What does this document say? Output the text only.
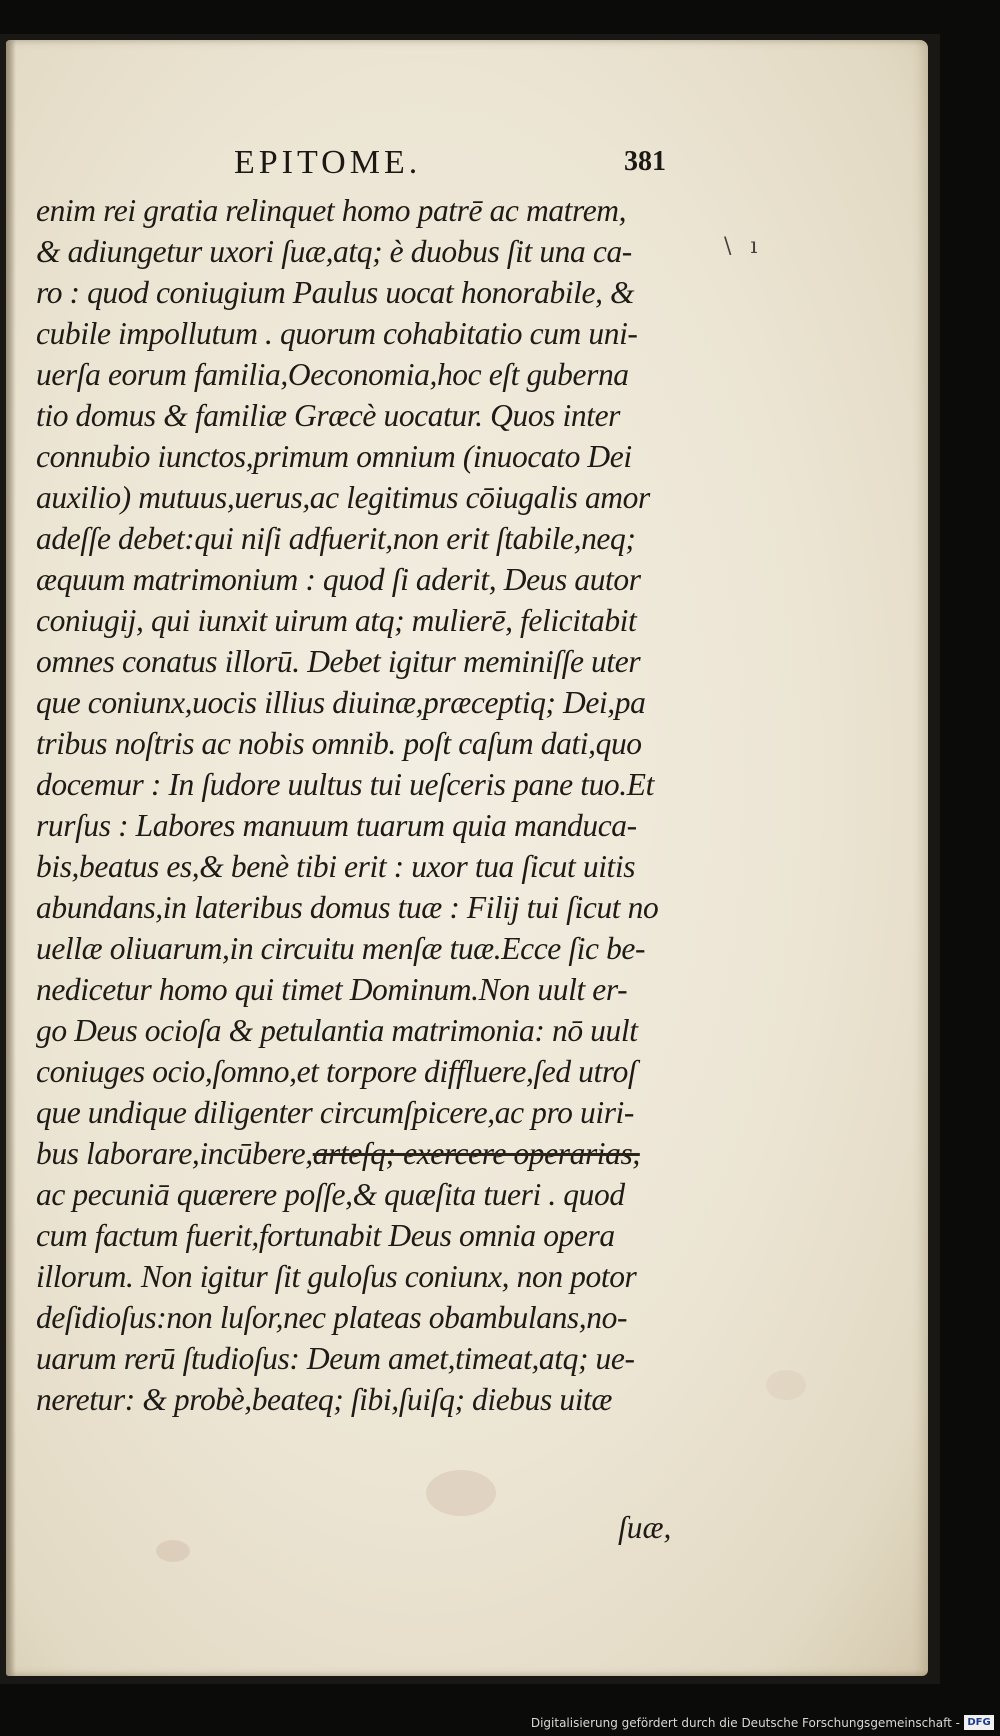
EPITOME.	381
\ ı
enim rei gratia relinquet homo patrē ac matrem,
& adiungetur uxori ſuæ,atq; è duobus ſit una ca-
ro : quod coniugium Paulus uocat honorabile, &
cubile impollutum . quorum cohabitatio cum uni-
uerſa eorum familia,Oeconomia,hoc eſt guberna
tio domus & familiæ Græcè uocatur. Quos inter
connubio iunctos,primum omnium (inuocato Dei
auxilio) mutuus,uerus,ac legitimus cōiugalis amor
adeſſe debet:qui niſi adfuerit,non erit ſtabile,neq;
æquum matrimonium : quod ſi aderit, Deus autor
coniugij, qui iunxit uirum atq; mulierē, felicitabit
omnes conatus illorū. Debet igitur meminiſſe uter
que coniunx,uocis illius diuinæ,præceptiq; Dei,pa
tribus noſtris ac nobis omnib. poſt caſum dati,quo
docemur : In ſudore uultus tui ueſceris pane tuo.Et
rurſus : Labores manuum tuarum quia manduca-
bis,beatus es,& benè tibi erit : uxor tua ſicut uitis
abundans,in lateribus domus tuæ : Filij tui ſicut no
uellæ oliuarum,in circuitu menſæ tuæ.Ecce ſic be-
nedicetur homo qui timet Dominum.Non uult er-
go Deus ocioſa & petulantia matrimonia: nō uult
coniuges ocio,ſomno,et torpore diffluere,ſed utroſ
que undique diligenter circumſpicere,ac pro uiri-
bus laborare,incūbere,arteſq; exercere operarias,
ac pecuniā quærere poſſe,& quæſita tueri . quod
cum factum fuerit,fortunabit Deus omnia opera
illorum. Non igitur ſit guloſus coniunx, non potor
deſidioſus:non luſor,nec plateas obambulans,no-
uarum rerū ſtudioſus: Deum amet,timeat,atq; ue-
neretur: & probè,beateq; ſibi,ſuiſq; diebus uitæ
ſuæ,
Digitalisierung gefördert durch die Deutsche Forschungsgemeinschaft - DFG
